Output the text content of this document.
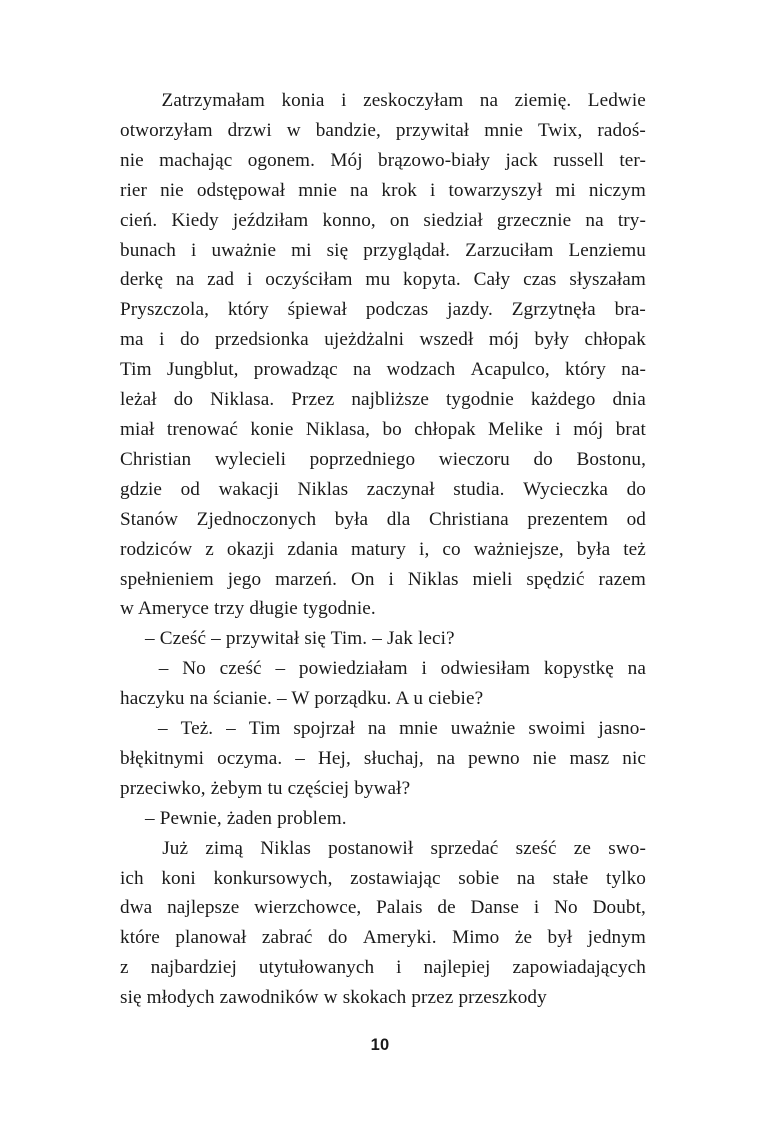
Zatrzymałam konia i zeskoczyłam na ziemię. Ledwie
otworzyłam drzwi w bandzie, przywitał mnie Twix, radoś-
nie machając ogonem. Mój brązowo-biały jack russell ter-
rier nie odstępował mnie na krok i towarzyszył mi niczym
cień. Kiedy jeździłam konno, on siedział grzecznie na try-
bunach i uważnie mi się przyglądał. Zarzuciłam Lenziemu
derkę na zad i oczyściłam mu kopyta. Cały czas słyszałam
Pryszczola, który śpiewał podczas jazdy. Zgrzytnęła bra-
ma i do przedsionka ujeżdżalni wszedł mój były chłopak
Tim Jungblut, prowadząc na wodzach Acapulco, który na-
leżał do Niklasa. Przez najbliższe tygodnie każdego dnia
miał trenować konie Niklasa, bo chłopak Melike i mój brat
Christian wylecieli poprzedniego wieczoru do Bostonu,
gdzie od wakacji Niklas zaczynał studia. Wycieczka do
Stanów Zjednoczonych była dla Christiana prezentem od
rodziców z okazji zdania matury i, co ważniejsze, była też
spełnieniem jego marzeń. On i Niklas mieli spędzić razem
w Ameryce trzy długie tygodnie.

– Cześć – przywitał się Tim. – Jak leci?

– No cześć – powiedziałam i odwiesiłam kopystkę na
haczyku na ścianie. – W porządku. A u ciebie?

– Też. – Tim spojrzał na mnie uważnie swoimi jasno-
błękitnymi oczyma. – Hej, słuchaj, na pewno nie masz nic
przeciwko, żebym tu częściej bywał?

– Pewnie, żaden problem.

Już zimą Niklas postanowił sprzedać sześć ze swo-
ich koni konkursowych, zostawiając sobie na stałe tylko
dwa najlepsze wierzchowce, Palais de Danse i No Doubt,
które planował zabrać do Ameryki. Mimo że był jednym
z najbardziej utytułowanych i najlepiej zapowiadających
się młodych zawodników w skokach przez przeszkody

10
